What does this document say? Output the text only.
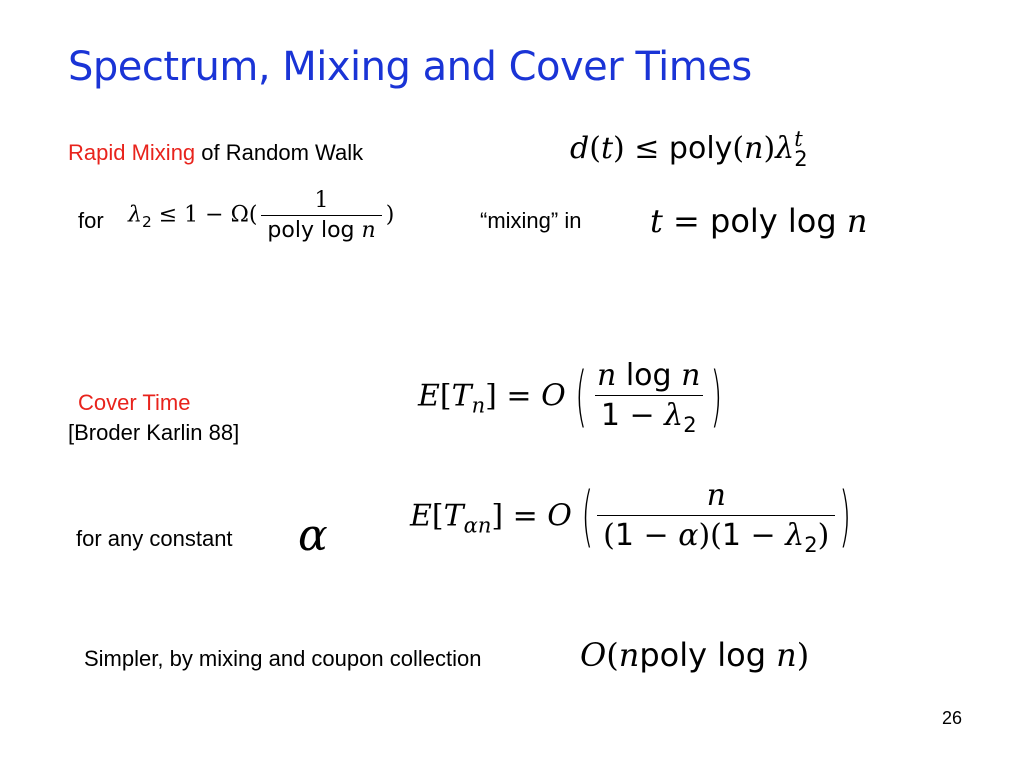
Spectrum, Mixing and Cover Times
Rapid Mixing of Random Walk	d(t) ≤ poly(n)λ t
2
for $\lambda_2 \le 1 - \Omega( \frac{1}{\text{poly log n}}$ )	“mixing” in t = poly log n
Cover Time
[Broder Karlin 88]
$E[T_n] = O$ ( $\frac{\text{n log n}}{1 - \lambda_2}$ )
for any constant α	$E[T_{\alpha n}] = O$ ( $\frac{n}{(1 - \alpha)(1 - \lambda_2)}$ )
Simpler, by mixing and coupon collection	O(npoly log n)
26
